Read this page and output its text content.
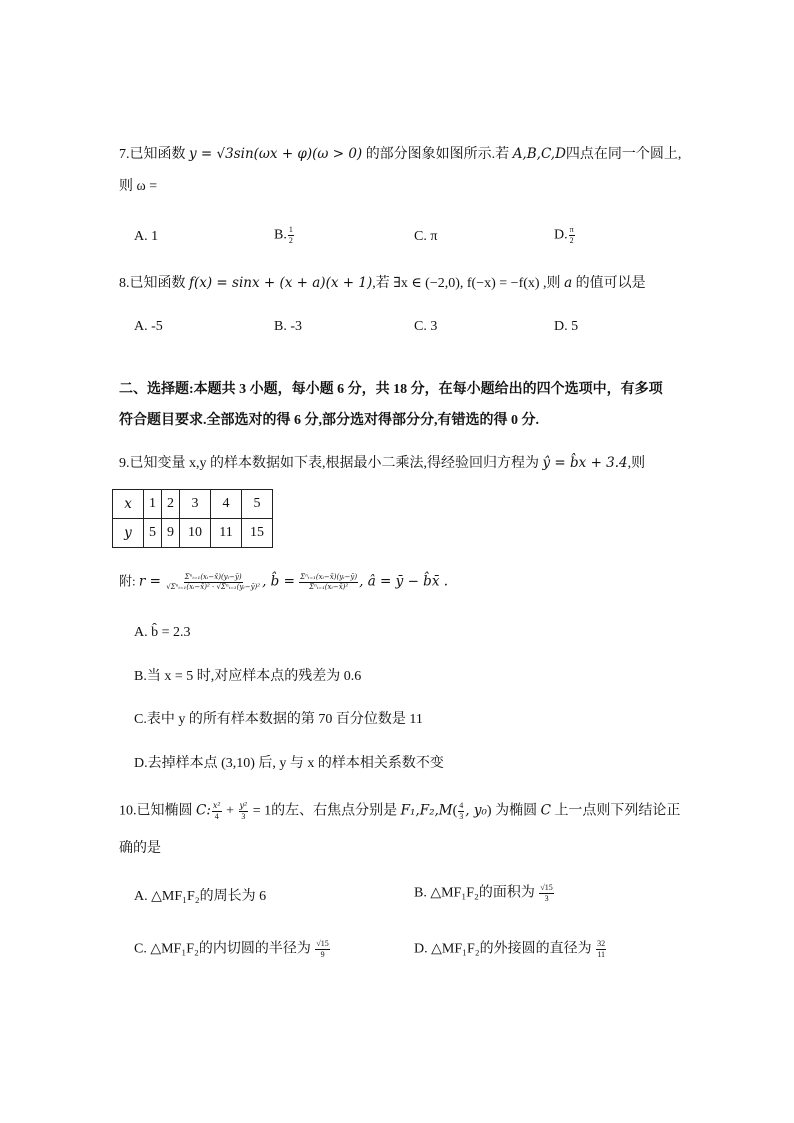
7.已知函数 y = √3sin(ωx + φ)(ω > 0) 的部分图象如图所示.若 A,B,C,D四点在同一个圆上,
则 ω =
A. 1	B. $\frac{1}{2}$	C. π	D. $\frac{\pi}{2}$
8.已知函数 f(x) = sinx + (x + a)(x + 1),若 ∃x ∈ (−2,0), f(−x) = −f(x) ,则 a 的值可以是
A. -5	B. -3	C. 3	D. 5
二、选择题:本题共 3 小题，每小题 6 分，共 18 分，在每小题给出的四个选项中，有多项
符合题目要求.全部选对的得 6 分,部分选对得部分分,有错选的得 0 分.
9.已知变量 x,y 的样本数据如下表,根据最小二乘法,得经验回归方程为 ŷ = b̂x + 3.4,则
x	1	2	3	4	5
y	5	9	10	11	15
附: $r = \frac{\text{Σⁿᵢ₌₁(xᵢ−x̄)(yᵢ−ȳ)}}{\text{√Σⁿᵢ₌₁(xᵢ−x̄)² · √Σⁿᵢ₌₁(yᵢ−ȳ)²}}$ , b̂ = $\frac{\text{Σⁿᵢ₌₁(xᵢ−x̄)(yᵢ−ȳ)}}{\text{Σⁿᵢ₌₁(xᵢ−x̄)²}}$ , â = ȳ − b̂x̄ .
A. b̂ = 2.3
B.当 x = 5 时,对应样本点的残差为 0.6
C.表中 y 的所有样本数据的第 70 百分位数是 11
D.去掉样本点 (3,10) 后, y 与 x 的样本相关系数不变
10.已知椭圆 C: $\frac{\text{x²}}{4} + \frac{\text{y²}}{3} = 1$的左、右焦点分别是 $F_1,F_2,M( \frac{4}{3}$ , y₀) 为椭圆 C 上一点则下列结论正
确的是
A. △MF₁F₂的周长为 6	B. △MF₁F₂的面积为 $\frac{√15}{3}$
C. △MF₁F₂的内切圆的半径为 $\frac{√15}{9}$	D. △MF₁F₂的外接圆的直径为 $\frac{32}{11}$
